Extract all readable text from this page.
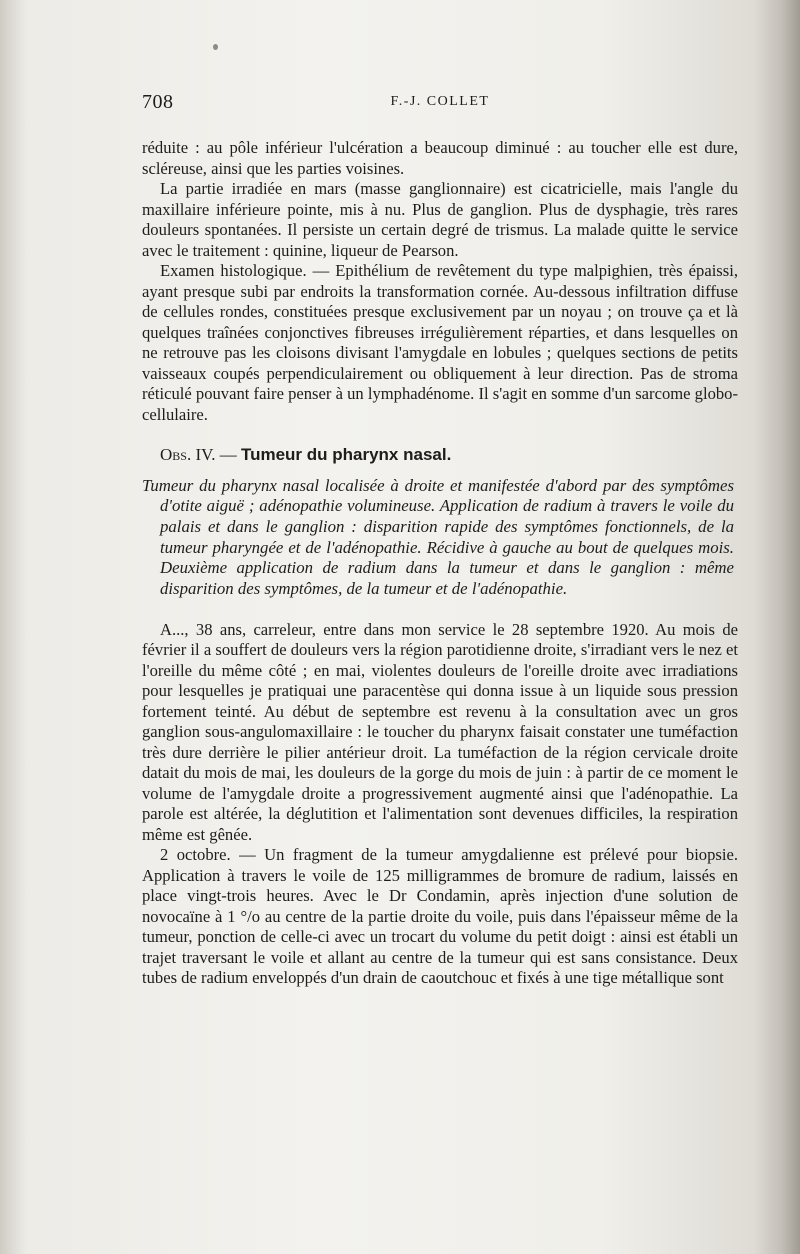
708	F.-J. COLLET

réduite : au pôle inférieur l'ulcération a beaucoup diminué : au toucher elle est dure, scléreuse, ainsi que les parties voisines.

La partie irradiée en mars (masse ganglionnaire) est cicatricielle, mais l'angle du maxillaire inférieure pointe, mis à nu. Plus de ganglion. Plus de dysphagie, très rares douleurs spontanées. Il persiste un certain degré de trismus. La malade quitte le service avec le traitement : quinine, liqueur de Pearson.

Examen histologique. — Epithélium de revêtement du type malpighien, très épaissi, ayant presque subi par endroits la transformation cornée. Au-dessous infiltration diffuse de cellules rondes, constituées presque exclusivement par un noyau ; on trouve ça et là quelques traînées conjonctives fibreuses irrégulièrement réparties, et dans lesquelles on ne retrouve pas les cloisons divisant l'amygdale en lobules ; quelques sections de petits vaisseaux coupés perpendiculairement ou obliquement à leur direction. Pas de stroma réticulé pouvant faire penser à un lymphadénome. Il s'agit en somme d'un sarcome globo-cellulaire.

Obs. IV. — Tumeur du pharynx nasal.

Tumeur du pharynx nasal localisée à droite et manifestée d'abord par des symptômes d'otite aiguë ; adénopathie volumineuse. Application de radium à travers le voile du palais et dans le ganglion : disparition rapide des symptômes fonctionnels, de la tumeur pharyngée et de l'adénopathie. Récidive à gauche au bout de quelques mois. Deuxième application de radium dans la tumeur et dans le ganglion : même disparition des symptômes, de la tumeur et de l'adénopathie.

A..., 38 ans, carreleur, entre dans mon service le 28 septembre 1920. Au mois de février il a souffert de douleurs vers la région parotidienne droite, s'irradiant vers le nez et l'oreille du même côté ; en mai, violentes douleurs de l'oreille droite avec irradiations pour lesquelles je pratiquai une paracentèse qui donna issue à un liquide sous pression fortement teinté. Au début de septembre est revenu à la consultation avec un gros ganglion sous-angulomaxillaire : le toucher du pharynx faisait constater une tuméfaction très dure derrière le pilier antérieur droit. La tuméfaction de la région cervicale droite datait du mois de mai, les douleurs de la gorge du mois de juin : à partir de ce moment le volume de l'amygdale droite a progressivement augmenté ainsi que l'adénopathie. La parole est altérée, la déglutition et l'alimentation sont devenues difficiles, la respiration même est gênée.

2 octobre. — Un fragment de la tumeur amygdalienne est prélevé pour biopsie. Application à travers le voile de 125 milligrammes de bromure de radium, laissés en place vingt-trois heures. Avec le Dr Condamin, après injection d'une solution de novocaïne à 1 °/o au centre de la partie droite du voile, puis dans l'épaisseur même de la tumeur, ponction de celle-ci avec un trocart du volume du petit doigt : ainsi est établi un trajet traversant le voile et allant au centre de la tumeur qui est sans consistance. Deux tubes de radium enveloppés d'un drain de caoutchouc et fixés à une tige métallique sont
